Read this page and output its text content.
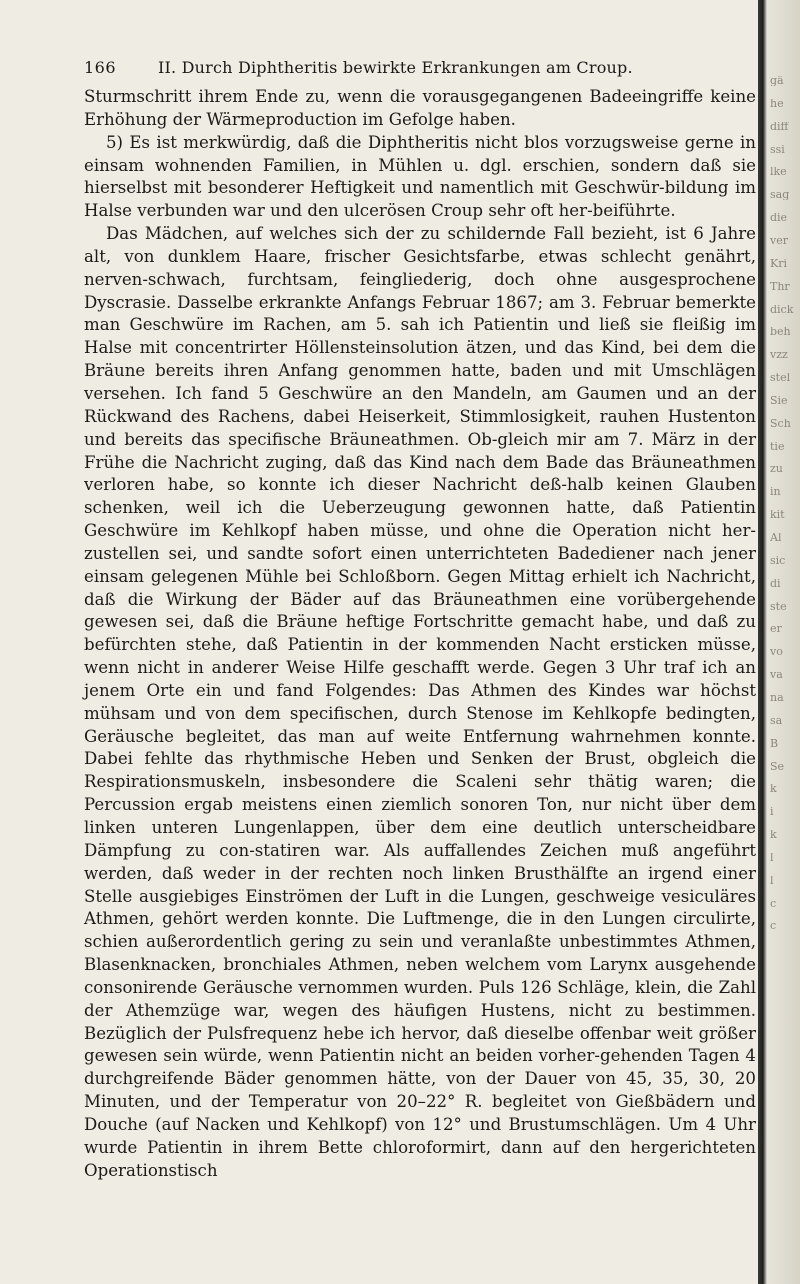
166	II. Durch Diphtheritis bewirkte Erkrankungen am Croup.

Sturmschritt ihrem Ende zu, wenn die vorausgegangenen Badeeingriffe keine Erhöhung der Wärmeproduction im Gefolge haben.

5) Es ist merkwürdig, daß die Diphtheritis nicht blos vorzugsweise gerne in einsam wohnenden Familien, in Mühlen u. dgl. erschien, sondern daß sie hierselbst mit besonderer Heftigkeit und namentlich mit Geschwür-bildung im Halse verbunden war und den ulcerösen Croup sehr oft her-beiführte.

Das Mädchen, auf welches sich der zu schildernde Fall bezieht, ist 6 Jahre alt, von dunklem Haare, frischer Gesichtsfarbe, etwas schlecht genährt, nerven-schwach, furchtsam, feingliederig, doch ohne ausgesprochene Dyscrasie. Dasselbe erkrankte Anfangs Februar 1867; am 3. Februar bemerkte man Geschwüre im Rachen, am 5. sah ich Patientin und ließ sie fleißig im Halse mit concentrirter Höllensteinsolution ätzen, und das Kind, bei dem die Bräune bereits ihren Anfang genommen hatte, baden und mit Umschlägen versehen. Ich fand 5 Geschwüre an den Mandeln, am Gaumen und an der Rückwand des Rachens, dabei Heiserkeit, Stimmlosigkeit, rauhen Hustenton und bereits das specifische Bräuneathmen. Ob-gleich mir am 7. März in der Frühe die Nachricht zuging, daß das Kind nach dem Bade das Bräuneathmen verloren habe, so konnte ich dieser Nachricht deß-halb keinen Glauben schenken, weil ich die Ueberzeugung gewonnen hatte, daß Patientin Geschwüre im Kehlkopf haben müsse, und ohne die Operation nicht her-zustellen sei, und sandte sofort einen unterrichteten Badediener nach jener einsam gelegenen Mühle bei Schloßborn. Gegen Mittag erhielt ich Nachricht, daß die Wirkung der Bäder auf das Bräuneathmen eine vorübergehende gewesen sei, daß die Bräune heftige Fortschritte gemacht habe, und daß zu befürchten stehe, daß Patientin in der kommenden Nacht ersticken müsse, wenn nicht in anderer Weise Hilfe geschafft werde. Gegen 3 Uhr traf ich an jenem Orte ein und fand Folgendes: Das Athmen des Kindes war höchst mühsam und von dem specifischen, durch Stenose im Kehlkopfe bedingten, Geräusche begleitet, das man auf weite Entfernung wahrnehmen konnte. Dabei fehlte das rhythmische Heben und Senken der Brust, obgleich die Respirationsmuskeln, insbesondere die Scaleni sehr thätig waren; die Percussion ergab meistens einen ziemlich sonoren Ton, nur nicht über dem linken unteren Lungenlappen, über dem eine deutlich unterscheidbare Dämpfung zu con-statiren war. Als auffallendes Zeichen muß angeführt werden, daß weder in der rechten noch linken Brusthälfte an irgend einer Stelle ausgiebiges Einströmen der Luft in die Lungen, geschweige vesiculäres Athmen, gehört werden konnte. Die Luftmenge, die in den Lungen circulirte, schien außerordentlich gering zu sein und veranlaßte unbestimmtes Athmen, Blasenknacken, bronchiales Athmen, neben welchem vom Larynx ausgehende consonirende Geräusche vernommen wurden. Puls 126 Schläge, klein, die Zahl der Athemzüge war, wegen des häufigen Hustens, nicht zu bestimmen. Bezüglich der Pulsfrequenz hebe ich hervor, daß dieselbe offenbar weit größer gewesen sein würde, wenn Patientin nicht an beiden vorher-gehenden Tagen 4 durchgreifende Bäder genommen hätte, von der Dauer von 45, 35, 30, 20 Minuten, und der Temperatur von 20–22° R. begleitet von Gießbädern und Douche (auf Nacken und Kehlkopf) von 12° und Brustumschlägen. Um 4 Uhr wurde Patientin in ihrem Bette chloroformirt, dann auf den hergerichteten Operationstisch

gä
he
diff
ssi
lke
sag
die
ver
Kri
Thr
dick
beh
vzz
stel
Sie
Sch
tie
zu
in
kit
Al
sic
di
ste
er
vo
va
na
sa
B
Se
k
i
k
l
l
c
c
